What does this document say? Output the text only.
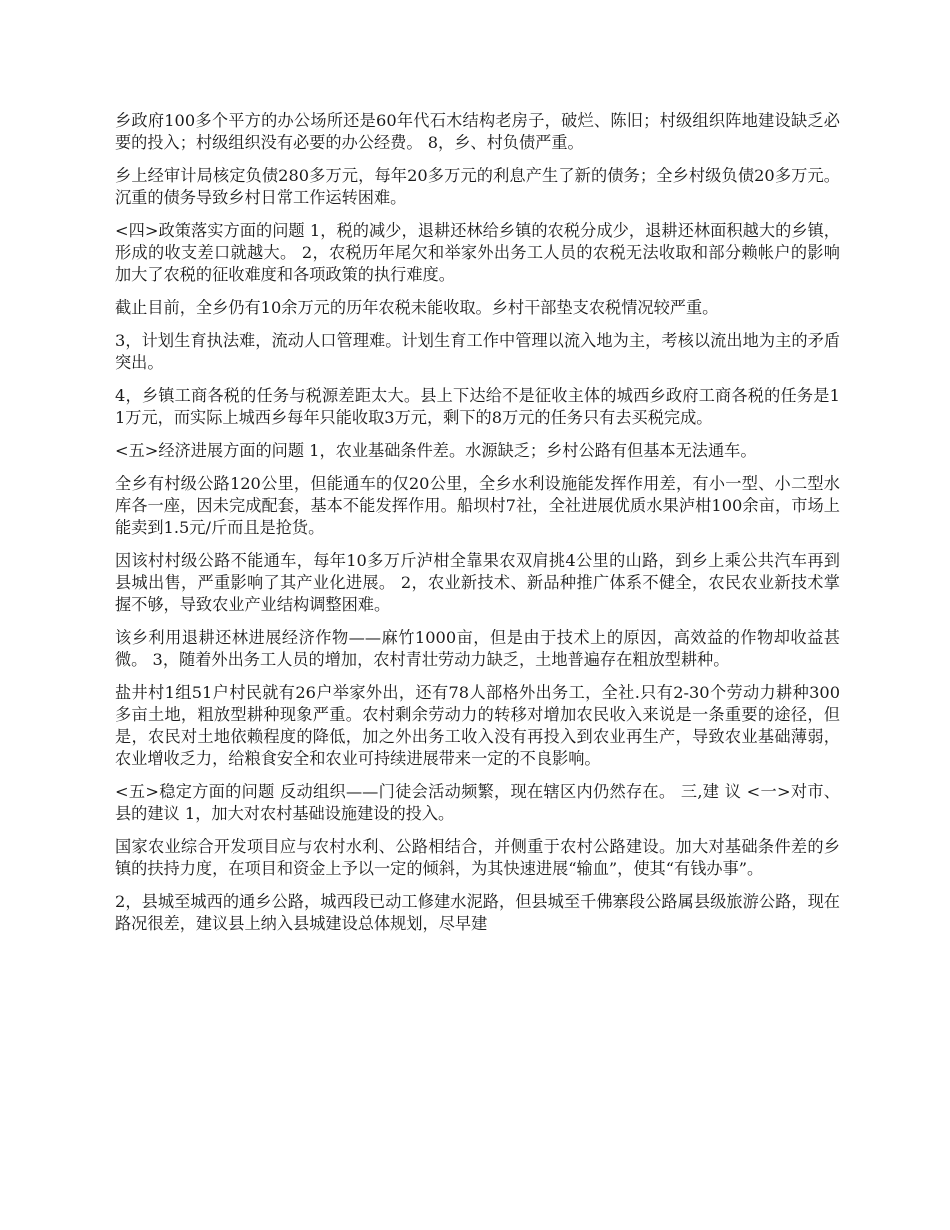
乡政府100多个平方的办公场所还是60年代石木结构老房子，破烂、陈旧；村级组织阵地建设缺乏必要的投入；村级组织没有必要的办公经费。 8，乡、村负债严重。

乡上经审计局核定负债280多万元，每年20多万元的利息产生了新的债务；全乡村级负债20多万元。沉重的债务导致乡村日常工作运转困难。

<四>政策落实方面的问题 1，税的减少，退耕还林给乡镇的农税分成少，退耕还林面积越大的乡镇，形成的收支差口就越大。 2，农税历年尾欠和举家外出务工人员的农税无法收取和部分赖帐户的影响加大了农税的征收难度和各项政策的执行难度。

截止目前，全乡仍有10余万元的历年农税未能收取。乡村干部垫支农税情况较严重。

3，计划生育执法难，流动人口管理难。计划生育工作中管理以流入地为主，考核以流出地为主的矛盾突出。

4，乡镇工商各税的任务与税源差距太大。县上下达给不是征收主体的城西乡政府工商各税的任务是11万元，而实际上城西乡每年只能收取3万元，剩下的8万元的任务只有去买税完成。

<五>经济进展方面的问题 1，农业基础条件差。水源缺乏；乡村公路有但基本无法通车。

全乡有村级公路120公里，但能通车的仅20公里，全乡水利设施能发挥作用差，有小一型、小二型水库各一座，因未完成配套，基本不能发挥作用。船坝村7社，全社进展优质水果泸柑100余亩，市场上能卖到1.5元/斤而且是抢货。

因该村村级公路不能通车，每年10多万斤泸柑全靠果农双肩挑4公里的山路，到乡上乘公共汽车再到县城出售，严重影响了其产业化进展。 2，农业新技术、新品种推广体系不健全，农民农业新技术掌握不够，导致农业产业结构调整困难。

该乡利用退耕还林进展经济作物——麻竹1000亩，但是由于技术上的原因，高效益的作物却收益甚微。 3，随着外出务工人员的增加，农村青壮劳动力缺乏，土地普遍存在粗放型耕种。

盐井村1组51户村民就有26户举家外出，还有78人部格外出务工，全社.只有2-30个劳动力耕种300多亩土地，粗放型耕种现象严重。农村剩余劳动力的转移对增加农民收入来说是一条重要的途径，但是，农民对土地依赖程度的降低，加之外出务工收入没有再投入到农业再生产，导致农业基础薄弱，农业增收乏力，给粮食安全和农业可持续进展带来一定的不良影响。

<五>稳定方面的问题 反动组织——门徒会活动频繁，现在辖区内仍然存在。 三,建 议 <一>对市、县的建议 1，加大对农村基础设施建设的投入。

国家农业综合开发项目应与农村水利、公路相结合，并侧重于农村公路建设。加大对基础条件差的乡镇的扶持力度，在项目和资金上予以一定的倾斜，为其快速进展“输血”，使其“有钱办事”。

2，县城至城西的通乡公路，城西段已动工修建水泥路，但县城至千佛寨段公路属县级旅游公路，现在路况很差，建议县上纳入县城建设总体规划，尽早建
